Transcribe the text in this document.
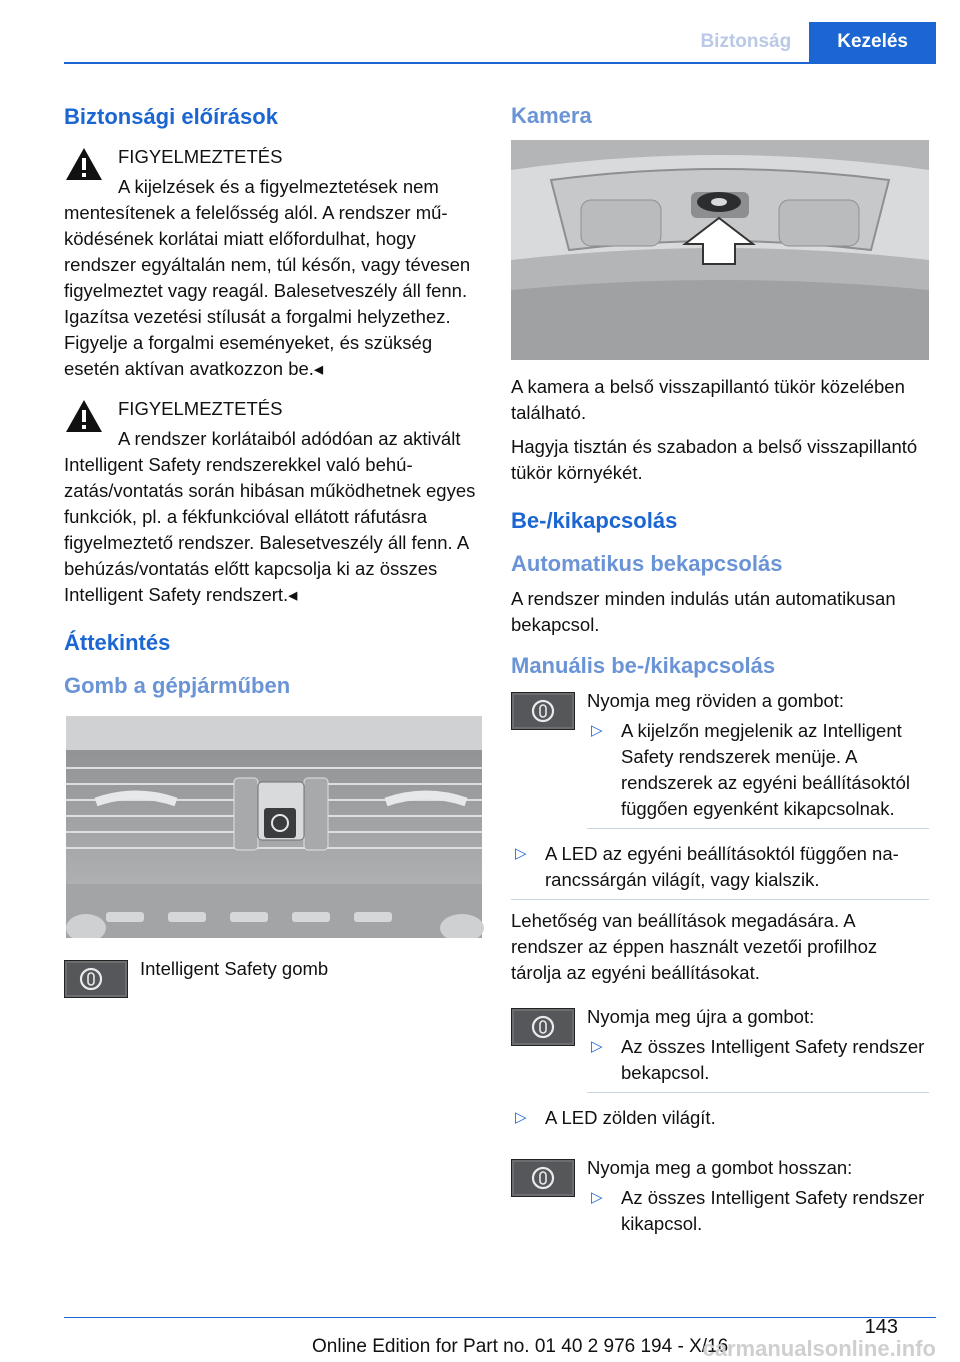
Biztonság	Kezelés
Biztonsági előírások

FIGYELMEZTETÉS

A kijelzések és a figyelmeztetések nem mentesítenek a felelősség alól. A rendszer működésének korlátai miatt előfordulhat, hogy rendszer egyáltalán nem, túl későn, vagy tévesen figyelmeztet vagy reagál. Balesetveszély áll fenn. Igazítsa vezetési stílusát a forgalmi helyzethez. Figyelje a forgalmi eseményeket, és szükség esetén aktívan avatkozzon be.◂

FIGYELMEZTETÉS

A rendszer korlátaiból adódóan az aktivált Intelligent Safety rendszerekkel való behúzatás/vontatás során hibásan működhetnek egyes funkciók, pl. a fékfunkcióval ellátott ráfutásra figyelmeztető rendszer. Balesetveszély áll fenn. A behúzás/vontatás előtt kapcsolja ki az összes Intelligent Safety rendszert.◂

Áttekintés
Gomb a gépjárműben

Intelligent Safety gomb

Kamera

A kamera a belső visszapillantó tükör közelében található.

Hagyja tisztán és szabadon a belső visszapillantó tükör környékét.

Be-/kikapcsolás
Automatikus bekapcsolás

A rendszer minden indulás után automatikusan bekapcsol.

Manuális be-/kikapcsolás

Nyomja meg röviden a gombot:

▷ A kijelzőn megjelenik az Intelligent Safety rendszerek menüje. A rendszerek az egyéni beállításoktól függően egyenként kikapcsolnak.
▷ A LED az egyéni beállításoktól függően narancssárgán világít, vagy kialszik.

Lehetőség van beállítások megadására. A rendszer az éppen használt vezetői profilhoz tárolja az egyéni beállításokat.

Nyomja meg újra a gombot:

▷ Az összes Intelligent Safety rendszer bekapcsol.
▷ A LED zölden világít.

Nyomja meg a gombot hosszan:

▷ Az összes Intelligent Safety rendszer kikapcsol.
143
Online Edition for Part no. 01 40 2 976 194 - X/16
carmanualsonline.info
